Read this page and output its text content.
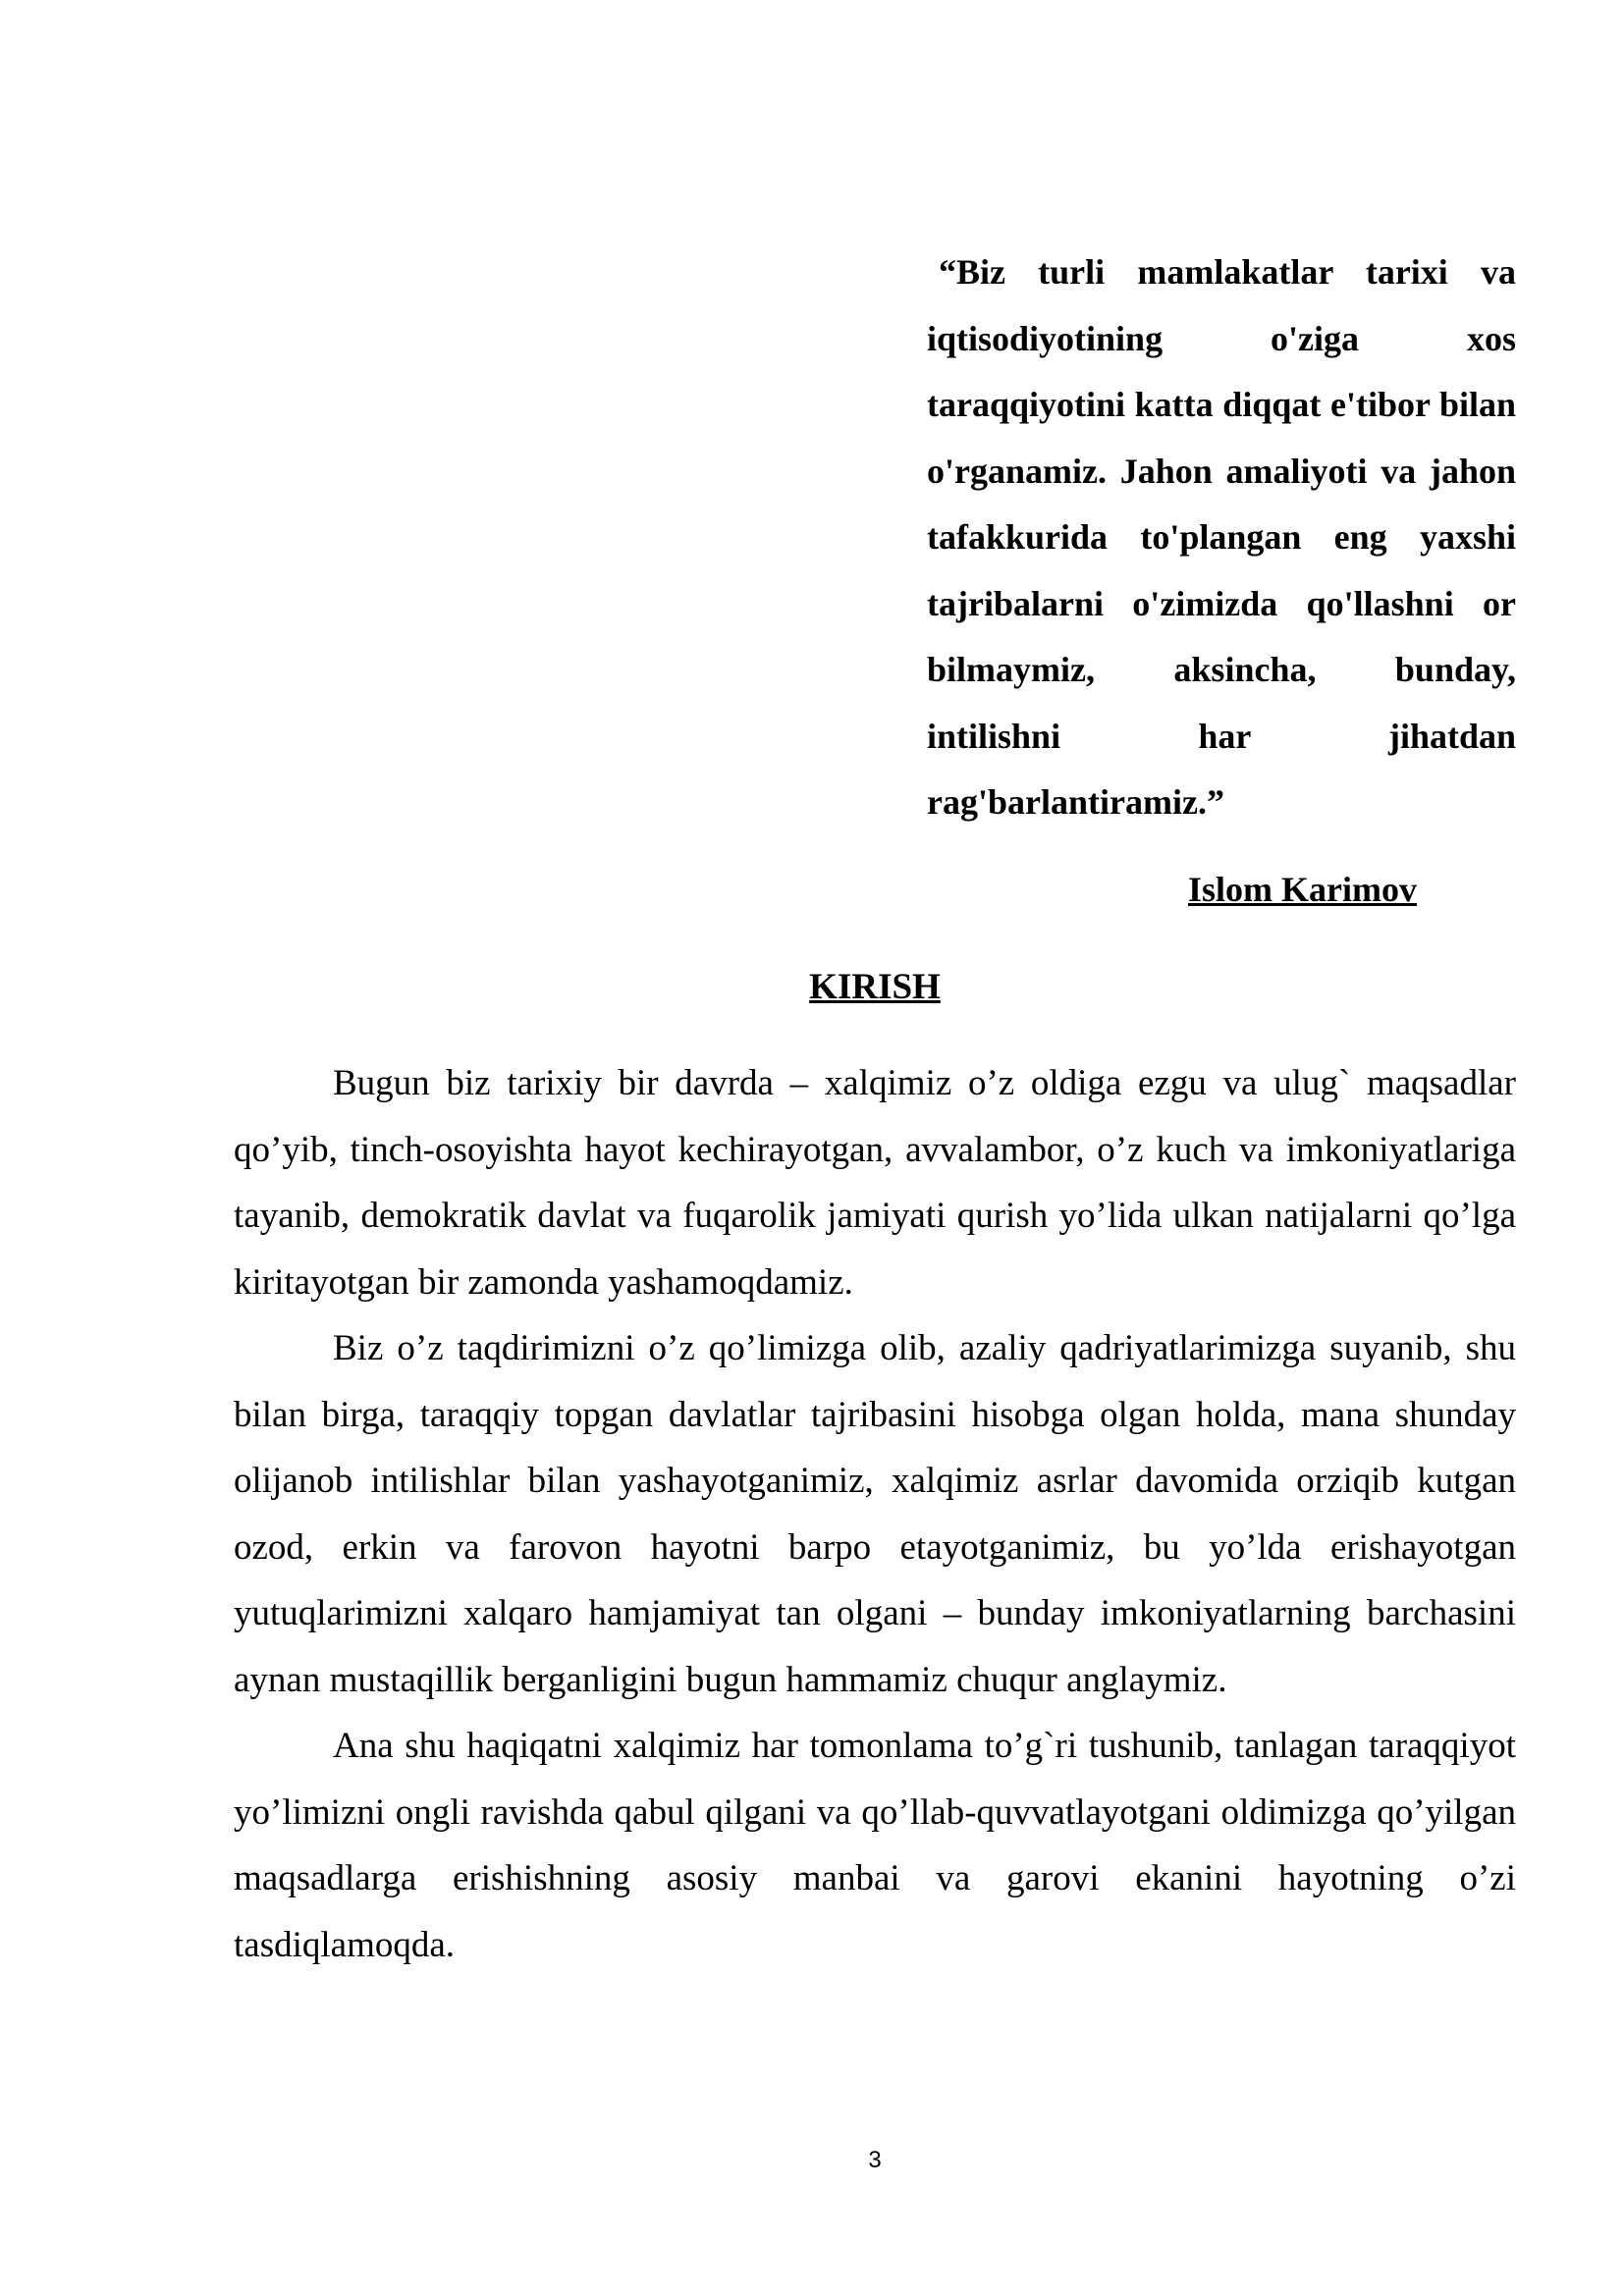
“Biz turli mamlakatlar tarixi va iqtisodiyotining o'ziga xos taraqqiyotini katta diqqat e'tibor bilan o'rganamiz. Jahon amaliyoti va jahon tafakkurida to'plangan eng yaxshi tajribalarni o'zimizda qo'llashni or bilmaymiz, aksincha, bunday, intilishni har jihatdan rag'barlantiramiz.”

Islom Karimov

KIRISH

Bugun biz tarixiy bir davrda – xalqimiz o’z oldiga ezgu va ulug` maqsadlar qo’yib, tinch-osoyishta hayot kechirayotgan, avvalambor, o’z kuch va imkoniyatlariga tayanib, demokratik davlat va fuqarolik jamiyati qurish yo’lida ulkan natijalarni qo’lga kiritayotgan bir zamonda yashamoqdamiz.

Biz o’z taqdirimizni o’z qo’limizga olib, azaliy qadriyatlarimizga suyanib, shu bilan birga, taraqqiy topgan davlatlar tajribasini hisobga olgan holda, mana shunday olijanob intilishlar bilan yashayotganimiz, xalqimiz asrlar davomida orziqib kutgan ozod, erkin va farovon hayotni barpo etayotganimiz, bu yo’lda erishayotgan yutuqlarimizni xalqaro hamjamiyat tan olgani – bunday imkoniyatlarning barchasini aynan mustaqillik berganligini bugun hammamiz chuqur anglaymiz.

Ana shu haqiqatni xalqimiz har tomonlama to’g`ri tushunib, tanlagan taraqqiyot yo’limizni ongli ravishda qabul qilgani va qo’llab-quvvatlayotgani oldimizga qo’yilgan maqsadlarga erishishning asosiy manbai va garovi ekanini hayotning o’zi tasdiqlamoqda.

3
